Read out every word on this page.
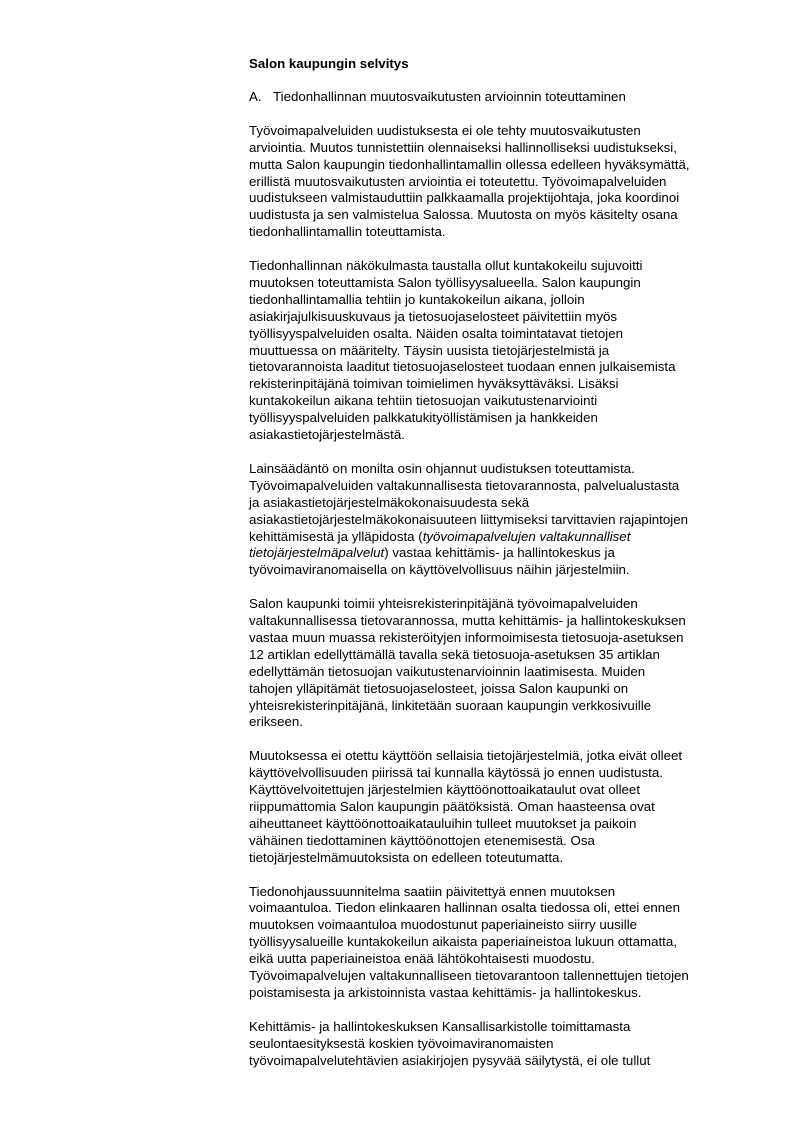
Salon kaupungin selvitys
A. Tiedonhallinnan muutosvaikutusten arvioinnin toteuttaminen
Työvoimapalveluiden uudistuksesta ei ole tehty muutosvaikutusten
arviointia. Muutos tunnistettiin olennaiseksi hallinnolliseksi uudistukseksi,
mutta Salon kaupungin tiedonhallintamallin ollessa edelleen hyväksymättä,
erillistä muutosvaikutusten arviointia ei toteutettu. Työvoimapalveluiden
uudistukseen valmistauduttiin palkkaamalla projektijohtaja, joka koordinoi
uudistusta ja sen valmistelua Salossa. Muutosta on myös käsitelty osana
tiedonhallintamallin toteuttamista.
Tiedonhallinnan näkökulmasta taustalla ollut kuntakokeilu sujuvoitti
muutoksen toteuttamista Salon työllisyysalueella. Salon kaupungin
tiedonhallintamallia tehtiin jo kuntakokeilun aikana, jolloin
asiakirjajulkisuuskuvaus ja tietosuojaselosteet päivitettiin myös
työllisyyspalveluiden osalta. Näiden osalta toimintatavat tietojen
muuttuessa on määritelty. Täysin uusista tietojärjestelmistä ja
tietovarannoista laaditut tietosuojaselosteet tuodaan ennen julkaisemista
rekisterinpitäjänä toimivan toimielimen hyväksyttäväksi. Lisäksi
kuntakokeilun aikana tehtiin tietosuojan vaikutustenarviointi
työllisyyspalveluiden palkkatukityöllistämisen ja hankkeiden
asiakastietojärjestelmästä.
Lainsäädäntö on monilta osin ohjannut uudistuksen toteuttamista.
Työvoimapalveluiden valtakunnallisesta tietovarannosta, palvelualustasta
ja asiakastietojärjestelmäkokonaisuudesta sekä
asiakastietojärjestelmäkokonaisuuteen liittymiseksi tarvittavien rajapintojen
kehittämisestä ja ylläpidosta (työvoimapalvelujen valtakunnalliset
tietojärjestelmäpalvelut) vastaa kehittämis- ja hallintokeskus ja
työvoimaviranomaisella on käyttövelvollisuus näihin järjestelmiin.
Salon kaupunki toimii yhteisrekisterinpitäjänä työvoimapalveluiden
valtakunnallisessa tietovarannossa, mutta kehittämis- ja hallintokeskuksen
vastaa muun muassa rekisteröityjen informoimisesta tietosuoja-asetuksen
12 artiklan edellyttämällä tavalla sekä tietosuoja-asetuksen 35 artiklan
edellyttämän tietosuojan vaikutustenarvioinnin laatimisesta. Muiden
tahojen ylläpitämät tietosuojaselosteet, joissa Salon kaupunki on
yhteisrekisterinpitäjänä, linkitetään suoraan kaupungin verkkosivuille
erikseen.
Muutoksessa ei otettu käyttöön sellaisia tietojärjestelmiä, jotka eivät olleet
käyttövelvollisuuden piirissä tai kunnalla käytössä jo ennen uudistusta.
Käyttövelvoitettujen järjestelmien käyttöönottoaikataulut ovat olleet
riippumattomia Salon kaupungin päätöksistä. Oman haasteensa ovat
aiheuttaneet käyttöönottoaikatauluihin tulleet muutokset ja paikoin
vähäinen tiedottaminen käyttöönottojen etenemisestä. Osa
tietojärjestelmämuutoksista on edelleen toteutumatta.
Tiedonohjaussuunnitelma saatiin päivitettyä ennen muutoksen
voimaantuloa. Tiedon elinkaaren hallinnan osalta tiedossa oli, ettei ennen
muutoksen voimaantuloa muodostunut paperiaineisto siirry uusille
työllisyysalueille kuntakokeilun aikaista paperiaineistoa lukuun ottamatta,
eikä uutta paperiaineistoa enää lähtökohtaisesti muodostu.
Työvoimapalvelujen valtakunnalliseen tietovarantoon tallennettujen tietojen
poistamisesta ja arkistoinnista vastaa kehittämis- ja hallintokeskus.
Kehittämis- ja hallintokeskuksen Kansallisarkistolle toimittamasta
seulontaesityksestä koskien työvoimaviranomaisten
työvoimapalvelutehtävien asiakirjojen pysyvää säilytystä, ei ole tullut
